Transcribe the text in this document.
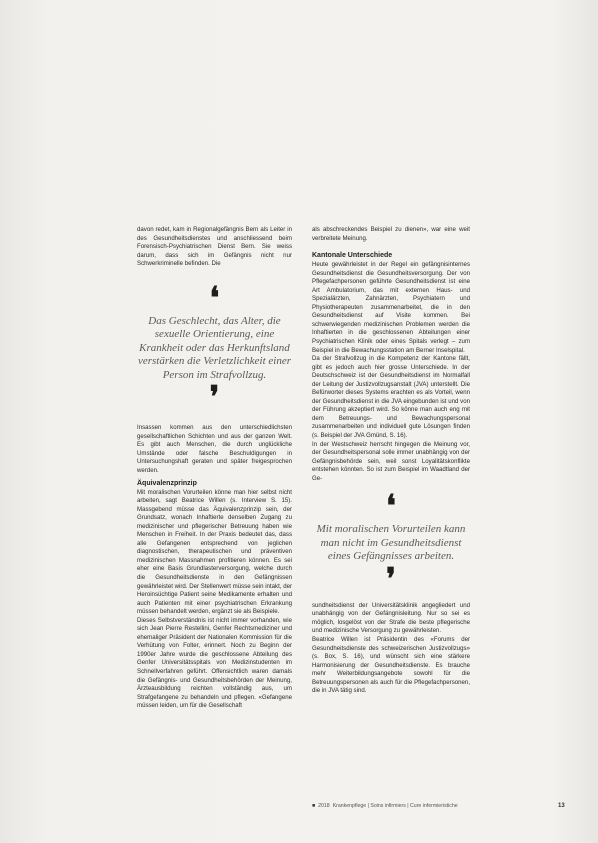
davon redet, kam in Regionalgefängnis Bern als Leiter in des Gesundheitsdienstes und anschliessend beim Forensisch-Psychiatrischen Dienst Bern. Sie weiss darum, dass sich im Gefängnis nicht nur Schwerkriminelle befinden. Die

❛

Das Geschlecht, das Alter, die sexuelle Orientierung, eine Krankheit oder das Herkunftsland verstärken die Verletzlichkeit einer Person im Strafvollzug.

❜

Insassen kommen aus den unterschiedlichsten gesellschaftlichen Schichten und aus der ganzen Welt. Es gibt auch Menschen, die durch unglückliche Umstände oder falsche Beschuldigungen in Untersuchungshaft geraten und später freigesprochen werden.

Äquivalenzprinzip

Mit moralischen Vorurteilen könne man hier selbst nicht arbeiten, sagt Beatrice Willen (s. Interview S. 15). Massgebend müsse das Äquivalenzprinzip sein, der Grundsatz, wonach Inhaftierte denselben Zugang zu medizinischer und pflegerischer Betreuung haben wie Menschen in Freiheit. In der Praxis bedeutet das, dass alle Gefangenen entsprechend von jeglichen diagnostischen, therapeutischen und präventiven medizinischen Massnahmen profitieren können. Es sei eher eine Basis Grundlasterversorgung, welche durch die Gesundheitsdienste in den Gefängnissen gewährleistet wird. Der Stellenwert müsse sein intakt, der Heroinsüchtige Patient seine Medikamente erhalten und auch Patienten mit einer psychiatrischen Erkrankung müssen behandelt werden, ergänzt sie als Beispiele.

Dieses Selbstverständnis ist nicht immer vorhanden, wie sich Jean Pierre Restellini, Genfer Rechtsmediziner und ehemaliger Präsident der Nationalen Kommission für die Verhütung von Folter, erinnert. Noch zu Beginn der 1990er Jahre wurde die geschlossene Abteilung des Genfer Universitätsspitals von Medizinstudenten im Schnellverfahren geführt. Offensichtlich waren damals die Gefängnis- und Gesundheitsbehörden der Meinung, Ärzteausbildung reichten vollständig aus, um Strafgefangene zu behandeln und pflegen. «Gefangene müssen leiden, um für die Gesellschaft

als abschreckendes Beispiel zu dienen», war eine weit verbreitete Meinung.

Kantonale Unterschiede

Heute gewährleistet in der Regel ein gefängnisinternes Gesundheitsdienst die Gesundheitsversorgung. Der von Pflegefachpersonen geführte Gesundheitsdienst ist eine Art Ambulatorium, das mit externen Haus- und Spezialärzten, Zahnärzten, Psychiatern und Physiotherapeuten zusammenarbeitet, die in den Gesundheitsdienst auf Visite kommen. Bei schwerwiegenden medizinischen Problemen werden die Inhaftierten in die geschlossenen Abteilungen einer Psychiatrischen Klinik oder eines Spitals verlegt – zum Beispiel in die Bewachungsstation am Berner Inselspital.

Da der Strafvollzug in die Kompetenz der Kantone fällt, gibt es jedoch auch hier grosse Unterschiede. In der Deutschschweiz ist der Gesundheitsdienst im Normalfall der Leitung der Justizvollzugsanstalt (JVA) unterstellt. Die Befürworter dieses Systems erachten es als Vorteil, wenn der Gesundheitsdienst in die JVA eingebunden ist und von der Führung akzeptiert wird. So könne man auch eng mit dem Betreuungs- und Bewachungspersonal zusammenarbeiten und individuell gute Lösungen finden (s. Beispiel der JVA Gmünd, S. 16).

In der Westschweiz herrscht hingegen die Meinung vor, der Gesundheitspersonal solle immer unabhängig von der Gefängnisbehörde sein, weil sonst Loyalitätskonflikte entstehen könnten. So ist zum Beispiel im Waadtland der Ge-

❛

Mit moralischen Vorurteilen kann man nicht im Gesundheitsdienst eines Gefängnisses arbeiten.

❜

sundheitsdienst der Universitätsklinik angegliedert und unabhängig von der Gefängnisleitung. Nur so sei es möglich, losgelöst von der Strafe die beste pflegerische und medizinische Versorgung zu gewährleisten.

Beatrice Willen ist Präsidentin des «Forums der Gesundheitsdienste des schweizerischen Justizvollzugs» (s. Box, S. 16), und wünscht sich eine stärkere Harmonisierung der Gesundheitsdienste. Es brauche mehr Weiterbildungsangebote sowohl für die Betreuungspersonen als auch für die Pflegefachpersonen, die in JVA tätig sind.

■ 2018 Krankenpflege | Soins infirmiers | Cure infermieristiche	13
